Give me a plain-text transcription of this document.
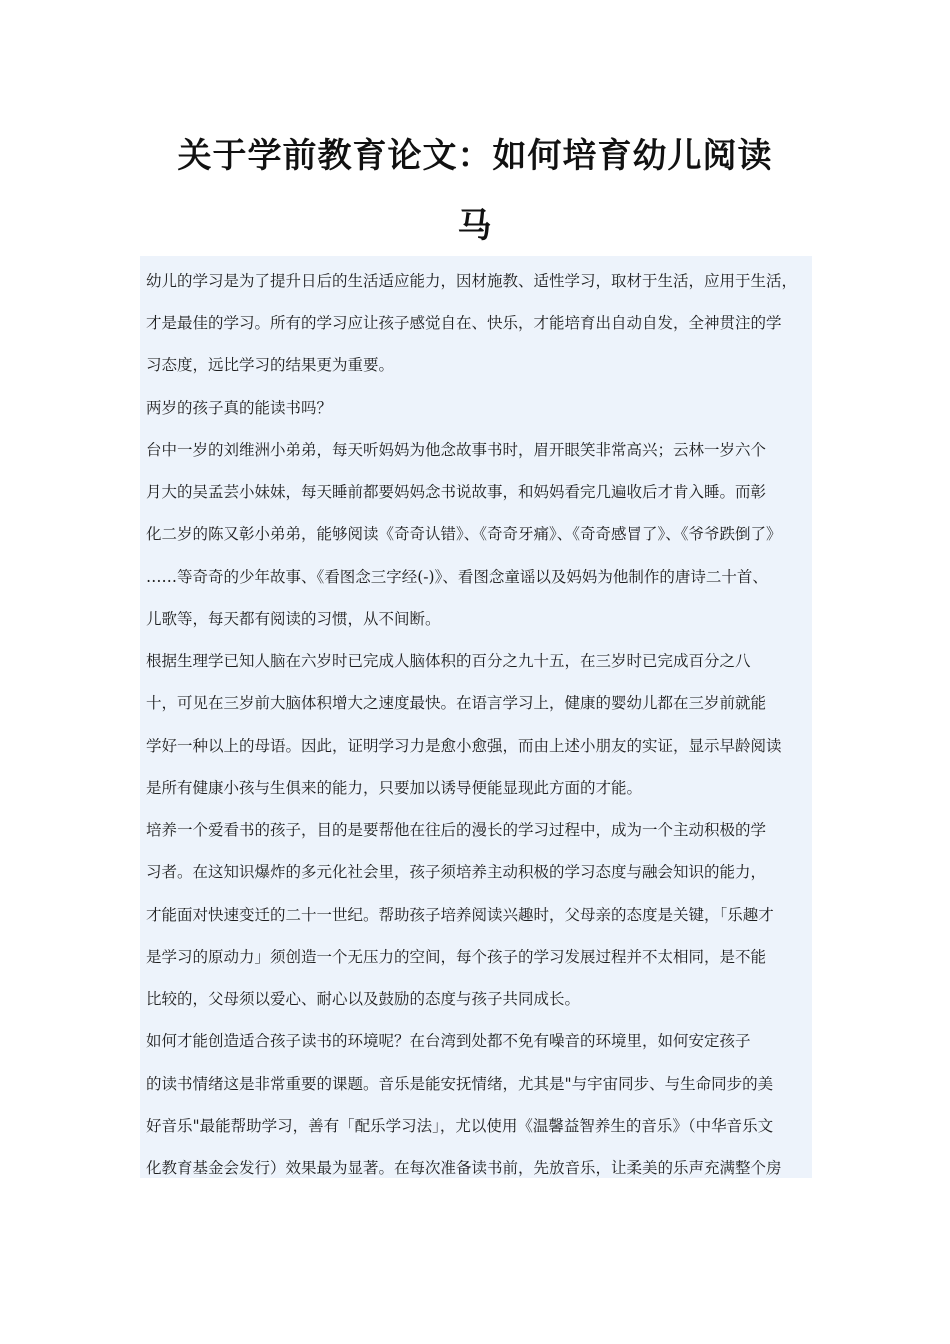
关于学前教育论文：如何培育幼儿阅读
马
幼儿的学习是为了提升日后的生活适应能力，因材施教、适性学习，取材于生活，应用于生活，
才是最佳的学习。所有的学习应让孩子感觉自在、快乐，才能培育出自动自发，全神贯注的学
习态度，远比学习的结果更为重要。
两岁的孩子真的能读书吗？
台中一岁的刘维洲小弟弟，每天听妈妈为他念故事书时，眉开眼笑非常高兴；云林一岁六个
月大的吴孟芸小妹妹，每天睡前都要妈妈念书说故事，和妈妈看完几遍收后才肯入睡。而彰
化二岁的陈又彰小弟弟，能够阅读《奇奇认错》、《奇奇牙痛》、《奇奇感冒了》、《爷爷跌倒了》
……等奇奇的少年故事、《看图念三字经(-)》、看图念童谣以及妈妈为他制作的唐诗二十首、
儿歌等，每天都有阅读的习惯，从不间断。
根据生理学已知人脑在六岁时已完成人脑体积的百分之九十五，在三岁时已完成百分之八
十，可见在三岁前大脑体积增大之速度最快。在语言学习上，健康的婴幼儿都在三岁前就能
学好一种以上的母语。因此，证明学习力是愈小愈强，而由上述小朋友的实证，显示早龄阅读
是所有健康小孩与生俱来的能力，只要加以诱导便能显现此方面的才能。
培养一个爱看书的孩子，目的是要帮他在往后的漫长的学习过程中，成为一个主动积极的学
习者。在这知识爆炸的多元化社会里，孩子须培养主动积极的学习态度与融会知识的能力，
才能面对快速变迁的二十一世纪。帮助孩子培养阅读兴趣时，父母亲的态度是关键，「乐趣才
是学习的原动力」须创造一个无压力的空间，每个孩子的学习发展过程并不太相同，是不能
比较的，父母须以爱心、耐心以及鼓励的态度与孩子共同成长。
如何才能创造适合孩子读书的环境呢？在台湾到处都不免有噪音的环境里，如何安定孩子
的读书情绪这是非常重要的课题。音乐是能安抚情绪，尤其是"与宇宙同步、与生命同步的美
好音乐"最能帮助学习，善有「配乐学习法」，尤以使用《温馨益智养生的音乐》（中华音乐文
化教育基金会发行）效果最为显著。在每次准备读书前，先放音乐，让柔美的乐声充满整个房
